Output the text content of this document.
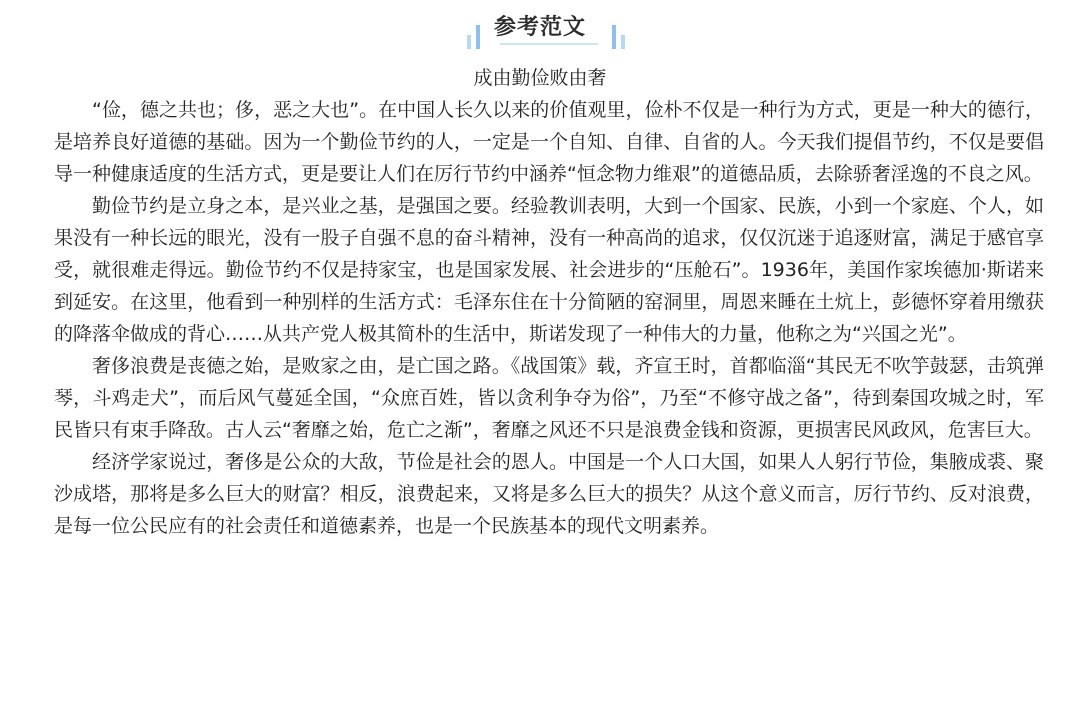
参考范文
成由勤俭败由奢

“俭，德之共也；侈，恶之大也”。在中国人长久以来的价值观里，俭朴不仅是一种行为方式，更是一种大的德行，是培养良好道德的基础。因为一个勤俭节约的人，一定是一个自知、自律、自省的人。今天我们提倡节约，不仅是要倡导一种健康适度的生活方式，更是要让人们在厉行节约中涵养“恒念物力维艰”的道德品质，去除骄奢淫逸的不良之风。

勤俭节约是立身之本，是兴业之基，是强国之要。经验教训表明，大到一个国家、民族，小到一个家庭、个人，如果没有一种长远的眼光，没有一股子自强不息的奋斗精神，没有一种高尚的追求，仅仅沉迷于追逐财富，满足于感官享受，就很难走得远。勤俭节约不仅是持家宝，也是国家发展、社会进步的“压舱石”。1936年，美国作家埃德加·斯诺来到延安。在这里，他看到一种别样的生活方式：毛泽东住在十分简陋的窑洞里，周恩来睡在土炕上，彭德怀穿着用缴获的降落伞做成的背心……从共产党人极其简朴的生活中，斯诺发现了一种伟大的力量，他称之为“兴国之光”。

奢侈浪费是丧德之始，是败家之由，是亡国之路。《战国策》载，齐宣王时，首都临淄“其民无不吹竽鼓瑟，击筑弹琴，斗鸡走犬”，而后风气蔓延全国，“众庶百姓，皆以贪利争夺为俗”，乃至“不修守战之备”，待到秦国攻城之时，军民皆只有束手降敌。古人云“奢靡之始，危亡之渐”，奢靡之风还不只是浪费金钱和资源，更损害民风政风，危害巨大。

经济学家说过，奢侈是公众的大敌，节俭是社会的恩人。中国是一个人口大国，如果人人躬行节俭，集腋成裘、聚沙成塔，那将是多么巨大的财富？相反，浪费起来，又将是多么巨大的损失？从这个意义而言，厉行节约、反对浪费，是每一位公民应有的社会责任和道德素养，也是一个民族基本的现代文明素养。
